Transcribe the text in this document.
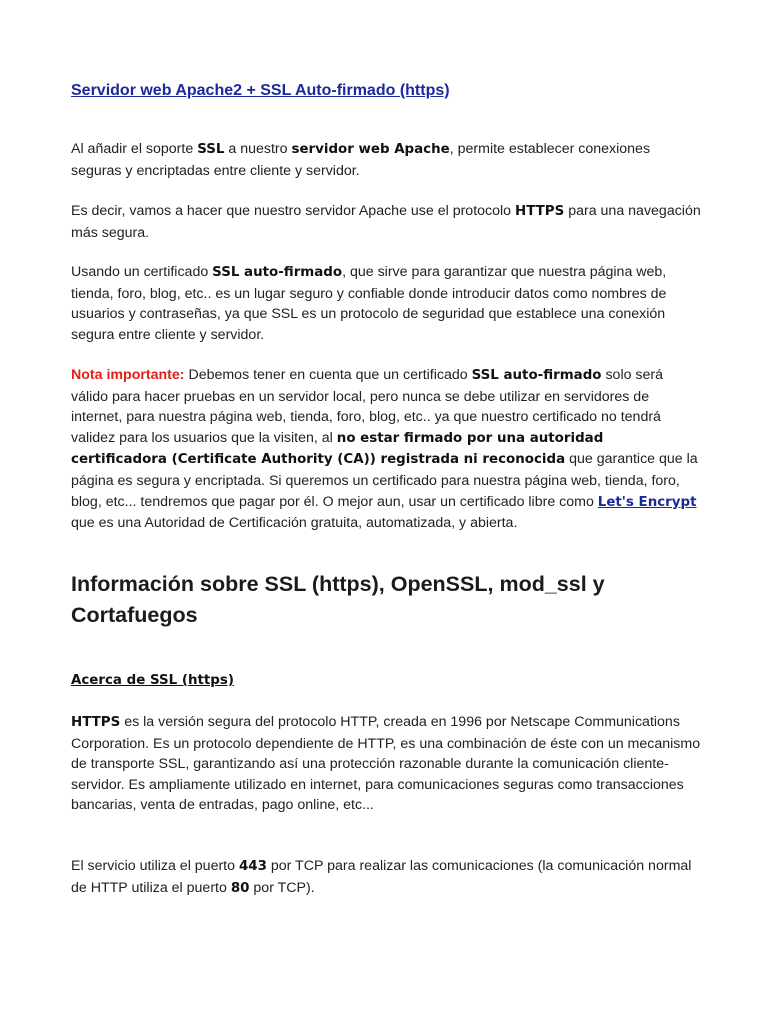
Servidor web Apache2 + SSL Auto-firmado (https)

Al añadir el soporte SSL a nuestro servidor web Apache, permite establecer conexiones seguras y encriptadas entre cliente y servidor.

Es decir, vamos a hacer que nuestro servidor Apache use el protocolo HTTPS para una navegación más segura.

Usando un certificado SSL auto-firmado, que sirve para garantizar que nuestra página web, tienda, foro, blog, etc.. es un lugar seguro y confiable donde introducir datos como nombres de usuarios y contraseñas, ya que SSL es un protocolo de seguridad que establece una conexión segura entre cliente y servidor.

Nota importante: Debemos tener en cuenta que un certificado SSL auto-firmado solo será válido para hacer pruebas en un servidor local, pero nunca se debe utilizar en servidores de internet, para nuestra página web, tienda, foro, blog, etc.. ya que nuestro certificado no tendrá validez para los usuarios que la visiten, al no estar firmado por una autoridad certificadora (Certificate Authority (CA)) registrada ni reconocida que garantice que la página es segura y encriptada. Si queremos un certificado para nuestra página web, tienda, foro, blog, etc... tendremos que pagar por él. O mejor aun, usar un certificado libre como Let's Encrypt que es una Autoridad de Certificación gratuita, automatizada, y abierta.

Información sobre SSL (https), OpenSSL, mod_ssl y Cortafuegos
Acerca de SSL (https)

HTTPS es la versión segura del protocolo HTTP, creada en 1996 por Netscape Communications Corporation. Es un protocolo dependiente de HTTP, es una combinación de éste con un mecanismo de transporte SSL, garantizando así una protección razonable durante la comunicación cliente-servidor. Es ampliamente utilizado en internet, para comunicaciones seguras como transacciones bancarias, venta de entradas, pago online, etc...

El servicio utiliza el puerto 443 por TCP para realizar las comunicaciones (la comunicación normal de HTTP utiliza el puerto 80 por TCP).
